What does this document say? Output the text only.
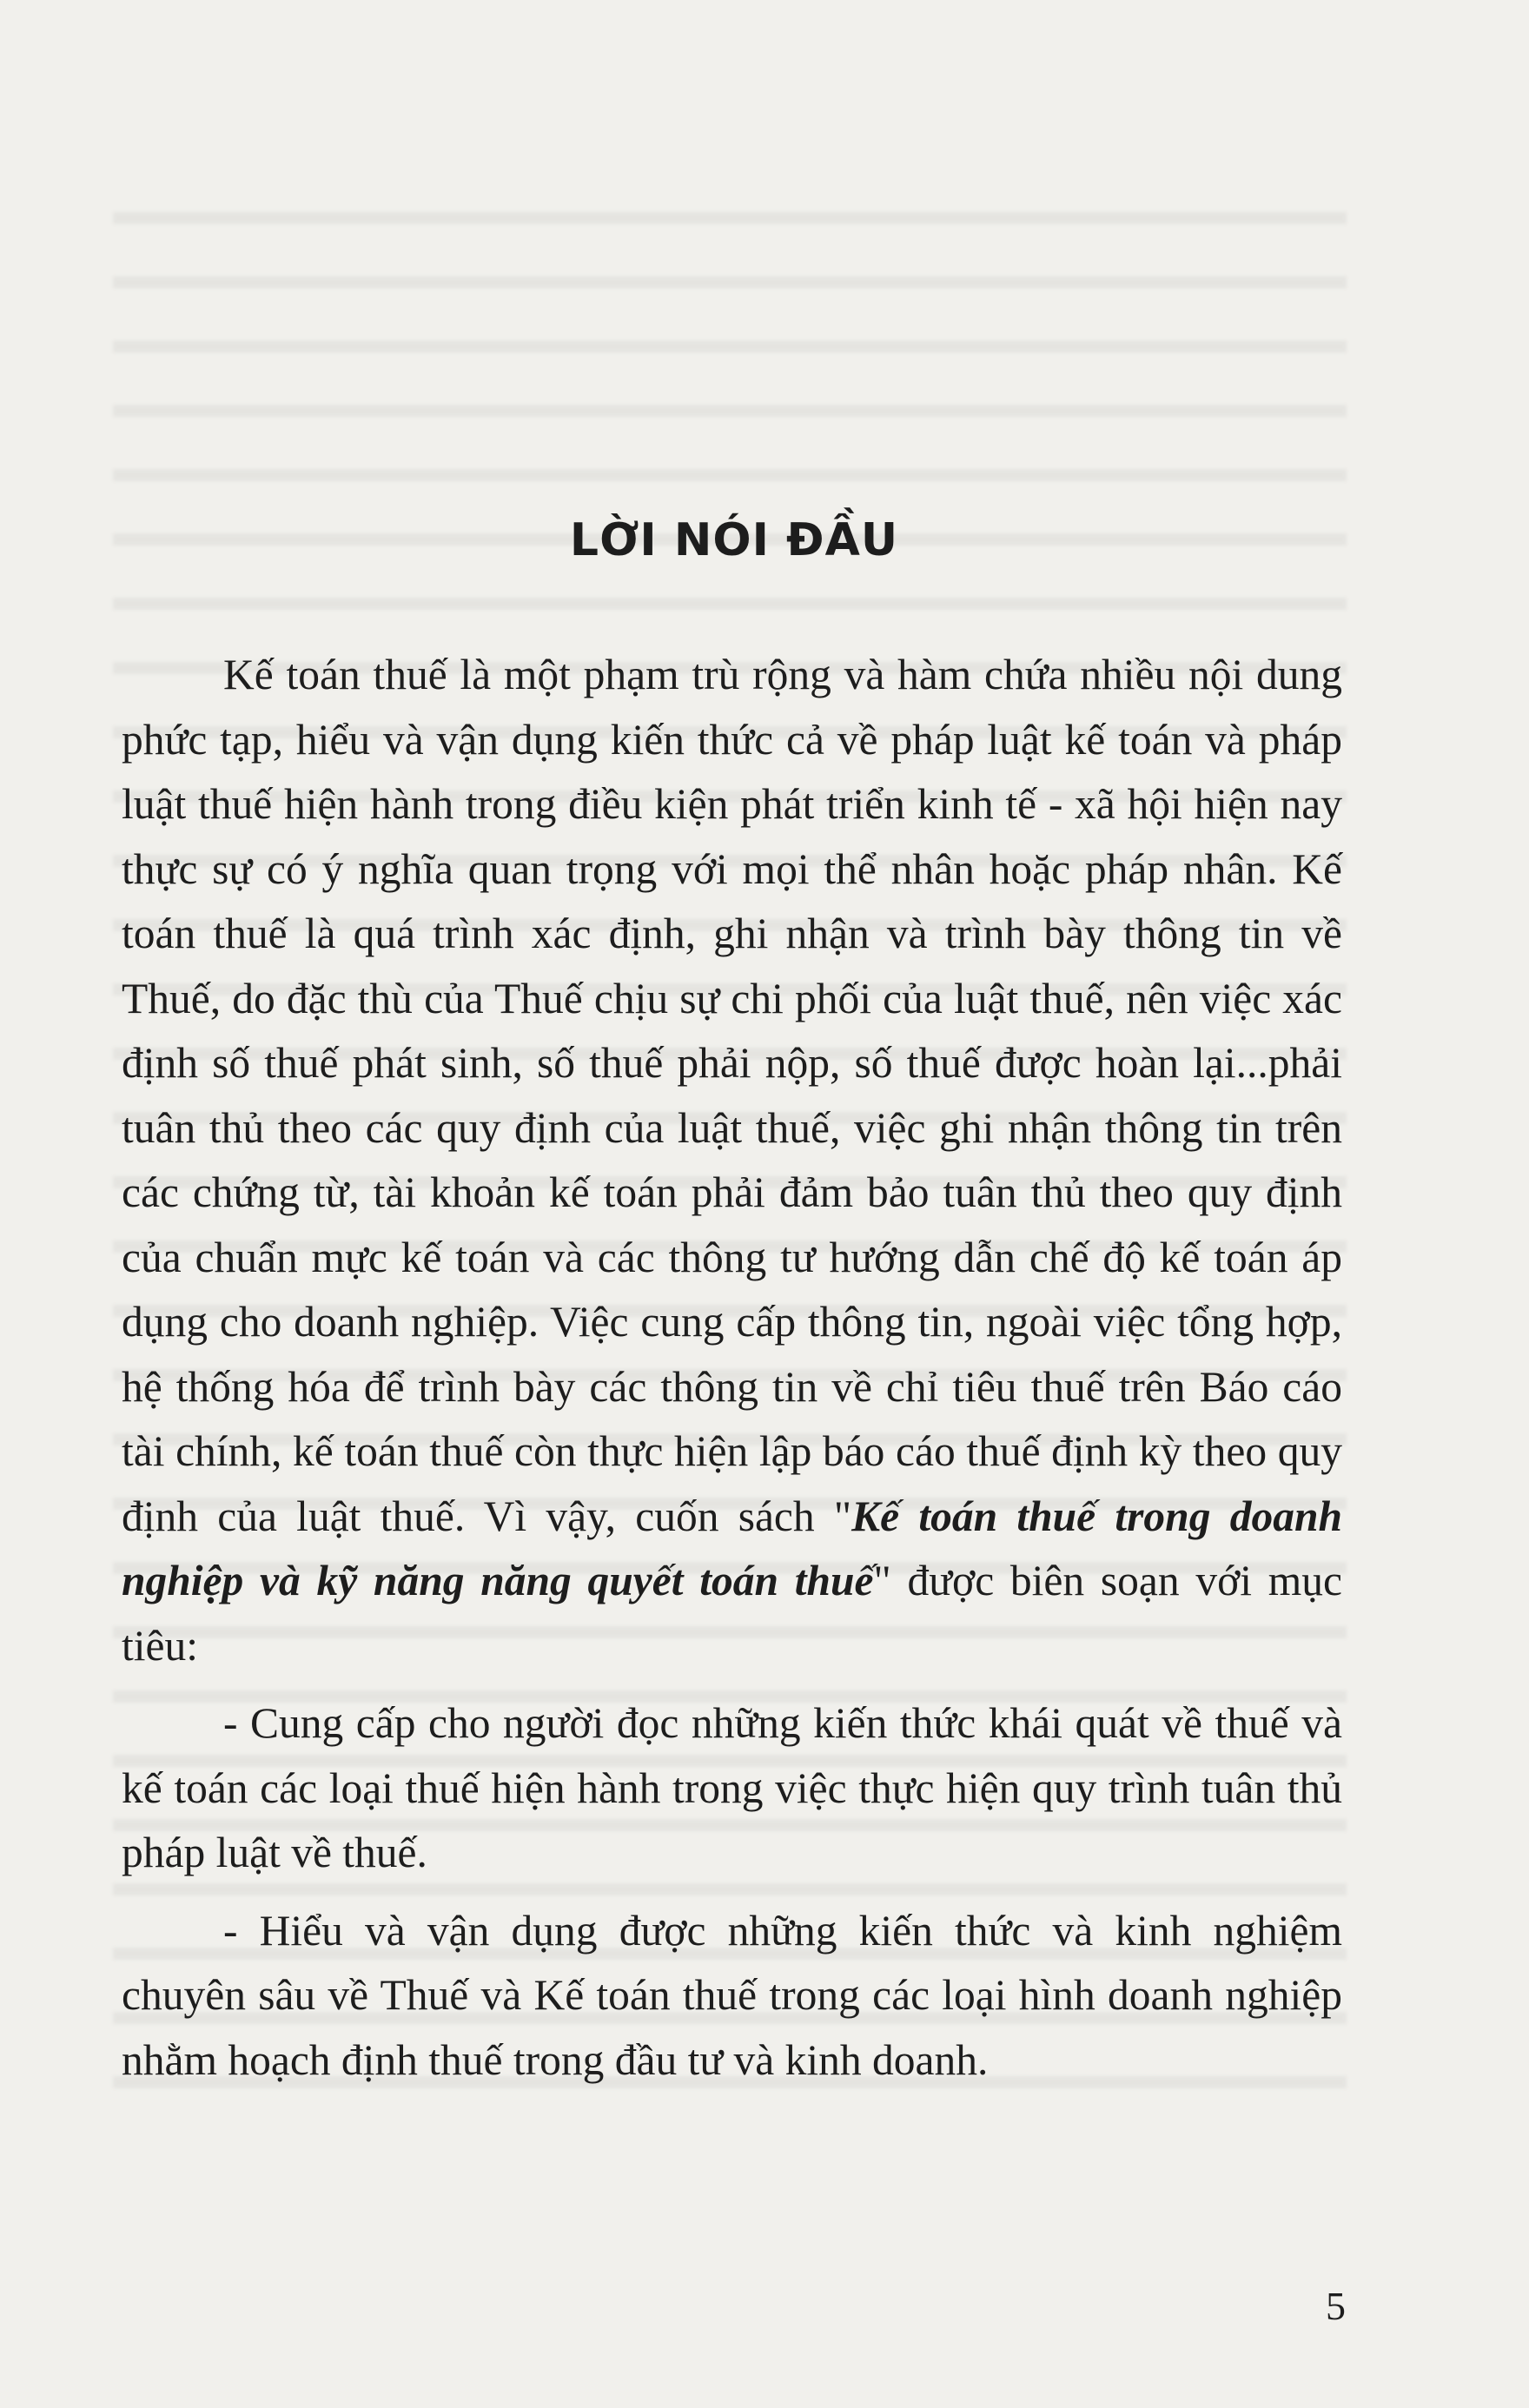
LỜI NÓI ĐẦU

Kế toán thuế là một phạm trù rộng và hàm chứa nhiều nội dung phức tạp, hiểu và vận dụng kiến thức cả về pháp luật kế toán và pháp luật thuế hiện hành trong điều kiện phát triển kinh tế - xã hội hiện nay thực sự có ý nghĩa quan trọng với mọi thể nhân hoặc pháp nhân. Kế toán thuế là quá trình xác định, ghi nhận và trình bày thông tin về Thuế, do đặc thù của Thuế chịu sự chi phối của luật thuế, nên việc xác định số thuế phát sinh, số thuế phải nộp, số thuế được hoàn lại...phải tuân thủ theo các quy định của luật thuế, việc ghi nhận thông tin trên các chứng từ, tài khoản kế toán phải đảm bảo tuân thủ theo quy định của chuẩn mực kế toán và các thông tư hướng dẫn chế độ kế toán áp dụng cho doanh nghiệp. Việc cung cấp thông tin, ngoài việc tổng hợp, hệ thống hóa để trình bày các thông tin về chỉ tiêu thuế trên Báo cáo tài chính, kế toán thuế còn thực hiện lập báo cáo thuế định kỳ theo quy định của luật thuế. Vì vậy, cuốn sách "Kế toán thuế trong doanh nghiệp và kỹ năng năng quyết toán thuế" được biên soạn với mục tiêu:

- Cung cấp cho người đọc những kiến thức khái quát về thuế và kế toán các loại thuế hiện hành trong việc thực hiện quy trình tuân thủ pháp luật về thuế.

- Hiểu và vận dụng được những kiến thức và kinh nghiệm chuyên sâu về Thuế và Kế toán thuế trong các loại hình doanh nghiệp nhằm hoạch định thuế trong đầu tư và kinh doanh.

5
